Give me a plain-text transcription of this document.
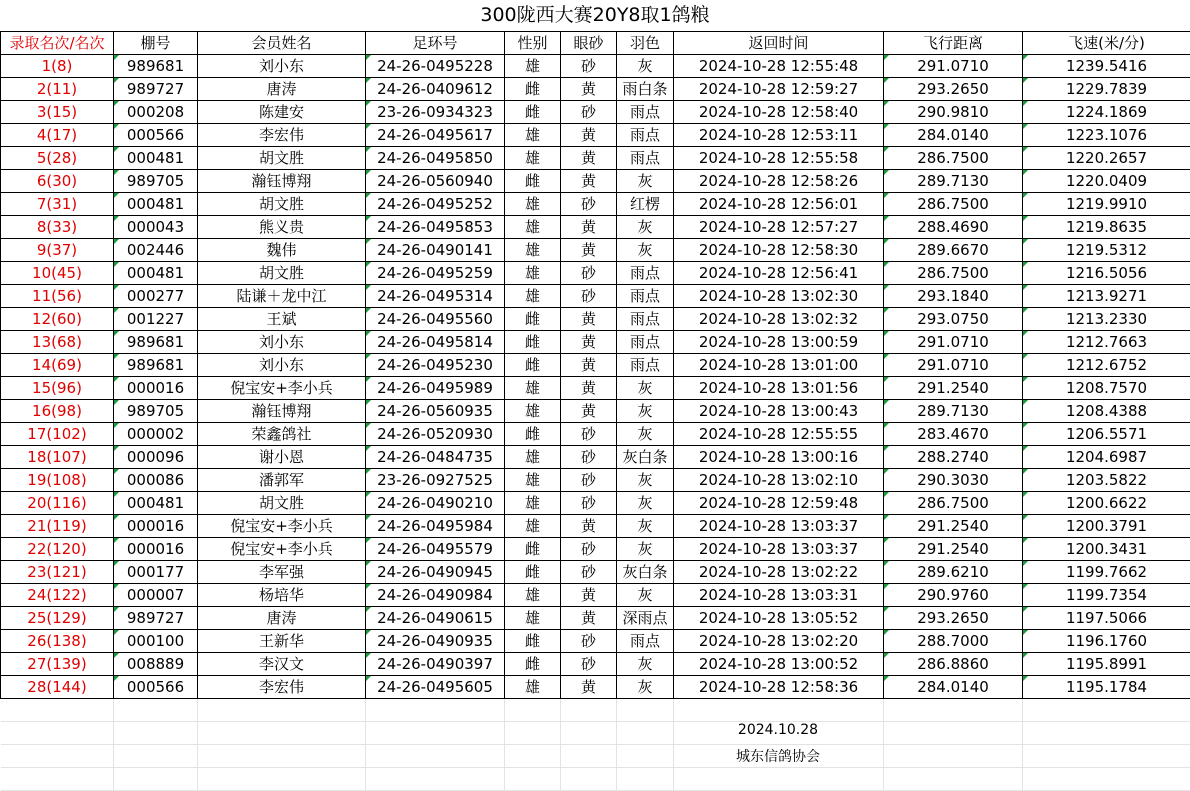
300陇西大赛20Y8取1鸽粮
录取名次/名次	棚号	会员姓名	足环号	性别	眼砂	羽色	返回时间	飞行距离	飞速(米/分)
1(8)	989681	刘小东	24-26-0495228	雄	砂	灰	2024-10-28 12:55:48	291.0710	1239.5416
2(11)	989727	唐涛	24-26-0409612	雌	黄	雨白条	2024-10-28 12:59:27	293.2650	1229.7839
3(15)	000208	陈建安	23-26-0934323	雌	砂	雨点	2024-10-28 12:58:40	290.9810	1224.1869
4(17)	000566	李宏伟	24-26-0495617	雄	黄	雨点	2024-10-28 12:53:11	284.0140	1223.1076
5(28)	000481	胡文胜	24-26-0495850	雄	黄	雨点	2024-10-28 12:55:58	286.7500	1220.2657
6(30)	989705	瀚钰博翔	24-26-0560940	雌	黄	灰	2024-10-28 12:58:26	289.7130	1220.0409
7(31)	000481	胡文胜	24-26-0495252	雄	砂	红楞	2024-10-28 12:56:01	286.7500	1219.9910
8(33)	000043	熊义贵	24-26-0495853	雄	黄	灰	2024-10-28 12:57:27	288.4690	1219.8635
9(37)	002446	魏伟	24-26-0490141	雄	黄	灰	2024-10-28 12:58:30	289.6670	1219.5312
10(45)	000481	胡文胜	24-26-0495259	雄	砂	雨点	2024-10-28 12:56:41	286.7500	1216.5056
11(56)	000277	陆谦＋龙中江	24-26-0495314	雄	砂	雨点	2024-10-28 13:02:30	293.1840	1213.9271
12(60)	001227	王斌	24-26-0495560	雌	黄	雨点	2024-10-28 13:02:32	293.0750	1213.2330
13(68)	989681	刘小东	24-26-0495814	雌	黄	雨点	2024-10-28 13:00:59	291.0710	1212.7663
14(69)	989681	刘小东	24-26-0495230	雌	黄	雨点	2024-10-28 13:01:00	291.0710	1212.6752
15(96)	000016	倪宝安+李小兵	24-26-0495989	雄	黄	灰	2024-10-28 13:01:56	291.2540	1208.7570
16(98)	989705	瀚钰博翔	24-26-0560935	雄	黄	灰	2024-10-28 13:00:43	289.7130	1208.4388
17(102)	000002	荣鑫鸽社	24-26-0520930	雌	砂	灰	2024-10-28 12:55:55	283.4670	1206.5571
18(107)	000096	谢小恩	24-26-0484735	雄	砂	灰白条	2024-10-28 13:00:16	288.2740	1204.6987
19(108)	000086	潘郭军	23-26-0927525	雄	砂	灰	2024-10-28 13:02:10	290.3030	1203.5822
20(116)	000481	胡文胜	24-26-0490210	雄	砂	灰	2024-10-28 12:59:48	286.7500	1200.6622
21(119)	000016	倪宝安+李小兵	24-26-0495984	雄	黄	灰	2024-10-28 13:03:37	291.2540	1200.3791
22(120)	000016	倪宝安+李小兵	24-26-0495579	雌	砂	灰	2024-10-28 13:03:37	291.2540	1200.3431
23(121)	000177	李军强	24-26-0490945	雌	砂	灰白条	2024-10-28 13:02:22	289.6210	1199.7662
24(122)	000007	杨培华	24-26-0490984	雄	黄	灰	2024-10-28 13:03:31	290.9760	1199.7354
25(129)	989727	唐涛	24-26-0490615	雄	黄	深雨点	2024-10-28 13:05:52	293.2650	1197.5066
26(138)	000100	王新华	24-26-0490935	雌	砂	雨点	2024-10-28 13:02:20	288.7000	1196.1760
27(139)	008889	李汉文	24-26-0490397	雌	砂	灰	2024-10-28 13:00:52	286.8860	1195.8991
28(144)	000566	李宏伟	24-26-0495605	雄	黄	灰	2024-10-28 12:58:36	284.0140	1195.1784

2024.10.28
城东信鸽协会
